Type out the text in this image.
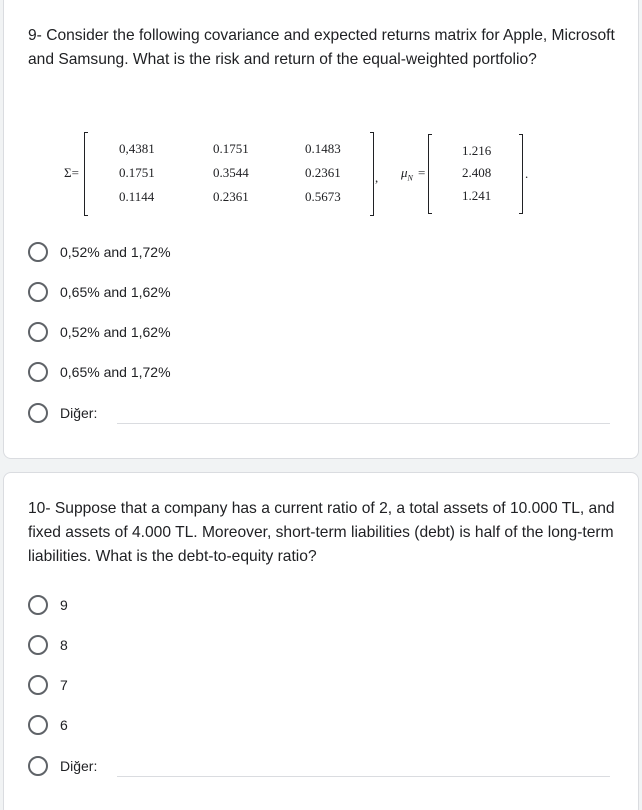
9- Consider the following covariance and expected returns matrix for Apple, Microsoft and Samsung. What is the risk and return of the equal-weighted portfolio?
Σ=
0,4381	0.1751	0.1483
0.1751	0.3544	0.2361
0.1144	0.2361	0.5673
, $\mu_N$ =
1.216
2.408
1.241
.
0,52% and 1,72%
0,65% and 1,62%
0,52% and 1,62%
0,65% and 1,72%
Diğer:
10- Suppose that a company has a current ratio of 2, a total assets of 10.000 TL, and fixed assets of 4.000 TL. Moreover, short-term liabilities (debt) is half of the long-term liabilities. What is the debt-to-equity ratio?
9
8
7
6
Diğer:
